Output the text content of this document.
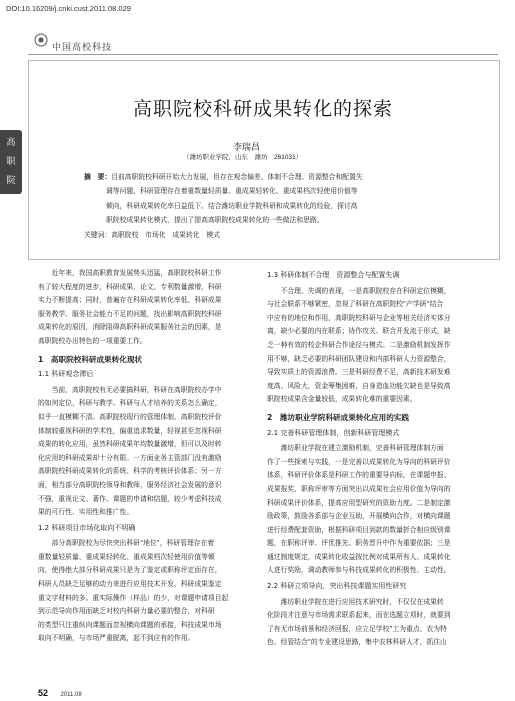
DOI:10.16209/j.cnki.cust.2011.08.029
中国高校科技
高
职
院
校
高职院校科研成果转化的探索
李瑞昌
（潍坊职业学院，山东　潍坊　261031）
摘　要：目前高职院校科研开始大力发展，但存在观念偏差、体制不合理、资源整合和配置失
调等问题，科研管理存在着重数量轻质量、重成果轻转化、重成果档次轻使用价值等
倾向，科研成果转化率日益低下。结合潍坊职业学院科研和成果转化的经验，探讨高
职院校成果转化模式，提出了提高高职院校成果转化的一些做法和思路。
关键词：高职院校　市场化　成果转化　模式
　　近年来，我国高职教育发展势头迅猛，高职院校科研工作
有了较大程度的进步，科研成果、论文、专利数量激增，科研
实力不断提高；同时，普遍存在科研成果转化率低、科研成果
服务教学、服务社会能力不足的问题，找出影响高职院校科研
成果转化的原因，消除阻碍高职科研成果服务社会的因素，是
高职院校办出特色的一项重要工作。
1　高职院校科研成果转化现状
1.1 科研观念滞后
　　当前，高职院校有无必要搞科研，科研在高职院校办学中
的如何定位，科研与教学、科研与人才培养的关系怎么确定，
似乎一直模糊不清。高职院校现行的管理体制、高职院校评价
体制较重视科研的学术性，偏重追求数量，轻视甚至忽视科研
成果的转化应用，虽然科研成果年均数量激增，但可以及时转
化应用的科研成果却十分有限。一方面业务主管部门没有激励
高职院校科研成果转化的系统、科学的考核评价体系；另一方
面，相当部分高职院校领导和教师，服务经济社会发展的意识
不强，重视论文、著作、课题的申请和结题，较少考虑科技成
果的可行性、实用性和推广性。
1.2 科研项目市场化取向不明确
　　部分高职院校为尽快突出科研"地位"，科研管理存在着
重数量轻质量、重成果轻转化、重成果档次轻使用价值等倾
向，使得绝大部分科研成果只是为了鉴定或职称评定而存在，
科研人员缺乏足够的动力来进行应用技术开发，科研成果鉴定
重文字材料的多。重实际操作（样品）的少，对课题申请项目起
到示范导向作用而缺乏对校内科研力量必要的整合，对科研
的类型只注重纵向课题而忽视横向课题的承接，科技成果市场
取向不明确，与市场严重脱离，起不到应有的作用。
1.3 科研体制不合理　资源整合与配置失调
　　不合理、失调的表现，一是高职院校存在科研定位模糊，
与社会联系不够紧密，忽视了科研在高职院校"产学研"结合
中应有的地位和作用，高职院校科研与企业等相关经济实体分
离，缺少必要的内在联系；协作攻关、联合开发流于形式，缺
乏一种有效的校企科研合作途径与模式。二是激励机制发挥作
用不够，缺乏必要的科研团队建设和内部科研人力资源整合，
导致实质上的资源浪费。三是科研经费不足，高新技术研发难
度高、风险大，资金筹集困难，自身造血功能欠缺也是导致高
职院校成果含金量较低，成果转化难的重要因素。
2　潍坊职业学院科研成果转化应用的实践
2.1 完善科研管理体制，创新科研管理模式
　　潍坊职业学院在建立激励机制，完善科研管理体制方面
作了一些探索与实践，一是完善以成果转化为导向的科研评价
体系，科研评价体系是科研工作的重要导向标，在课题申报、
成果报奖、职称评审等方面突出以成果社会应用价值为导向的
科研成果评价体系，提高应用型研究的资助力度。二是制定激
励政策，鼓励各系部与企业互助，开展横向合作，对横向课题
进行经费配套资助，根据科研项目到款的数量折合相应级别课
题，在职称评审、评优推先、职务晋升中作为重要依据；三是
通过制度规定，成果转化收益按比例对成果所有人、成果转化
人进行奖励，调动教师参与科技成果转化的积极性、主动性。
2.2 科研立项导向，突出科技课题实用性研究
　　潍坊职业学院在进行应用技术研究时，不仅仅在成果转
化阶段才注意与市场需求联系起来，而在选题立项时，就要到
了有无市场前景和经济回报，应立足学校"工为重点、农为特
色、经管结合"的专业建设思路，集中农林科研人才，抓住山
52 2011.08
